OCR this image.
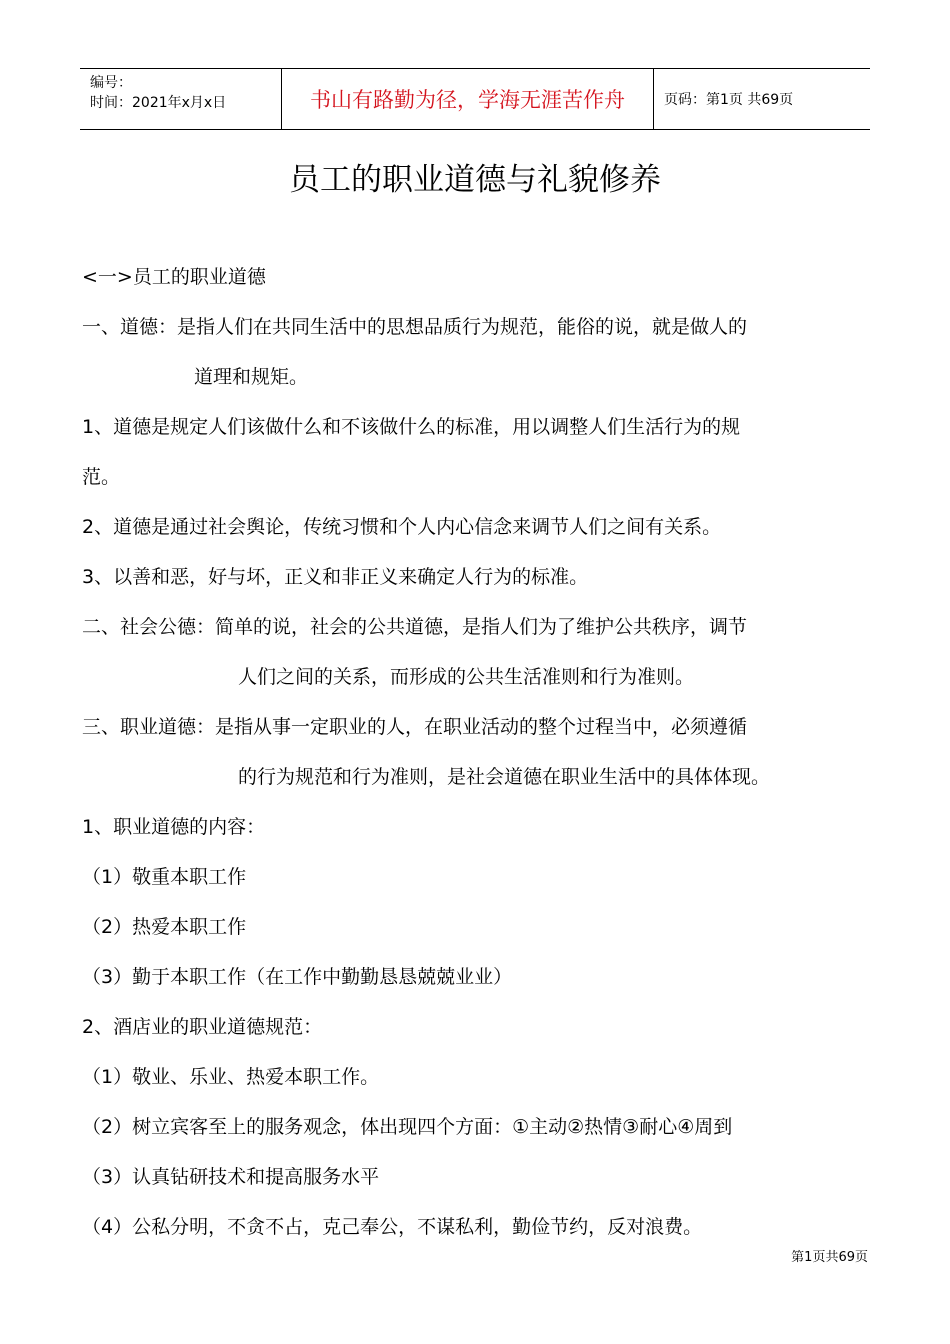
编号：
时间：2021年x月x日	书山有路勤为径，学海无涯苦作舟	页码：第1页 共69页
员工的职业道德与礼貌修养
<一>员工的职业道德
一、道德：是指人们在共同生活中的思想品质行为规范，能俗的说，就是做人的
道理和规矩。
1、道德是规定人们该做什么和不该做什么的标准，用以调整人们生活行为的规
范。
2、道德是通过社会舆论，传统习惯和个人内心信念来调节人们之间有关系。
3、以善和恶，好与坏，正义和非正义来确定人行为的标准。
二、社会公德：简单的说，社会的公共道德，是指人们为了维护公共秩序，调节
人们之间的关系，而形成的公共生活准则和行为准则。
三、职业道德：是指从事一定职业的人，在职业活动的整个过程当中，必须遵循
的行为规范和行为准则，是社会道德在职业生活中的具体体现。
1、职业道德的内容：
（1）敬重本职工作
（2）热爱本职工作
（3）勤于本职工作（在工作中勤勤恳恳兢兢业业）
2、酒店业的职业道德规范：
（1）敬业、乐业、热爱本职工作。
（2）树立宾客至上的服务观念，体出现四个方面：①主动②热情③耐心④周到
（3）认真钻研技术和提高服务水平
（4）公私分明，不贪不占，克己奉公，不谋私利，勤俭节约，反对浪费。
第1页共69页
